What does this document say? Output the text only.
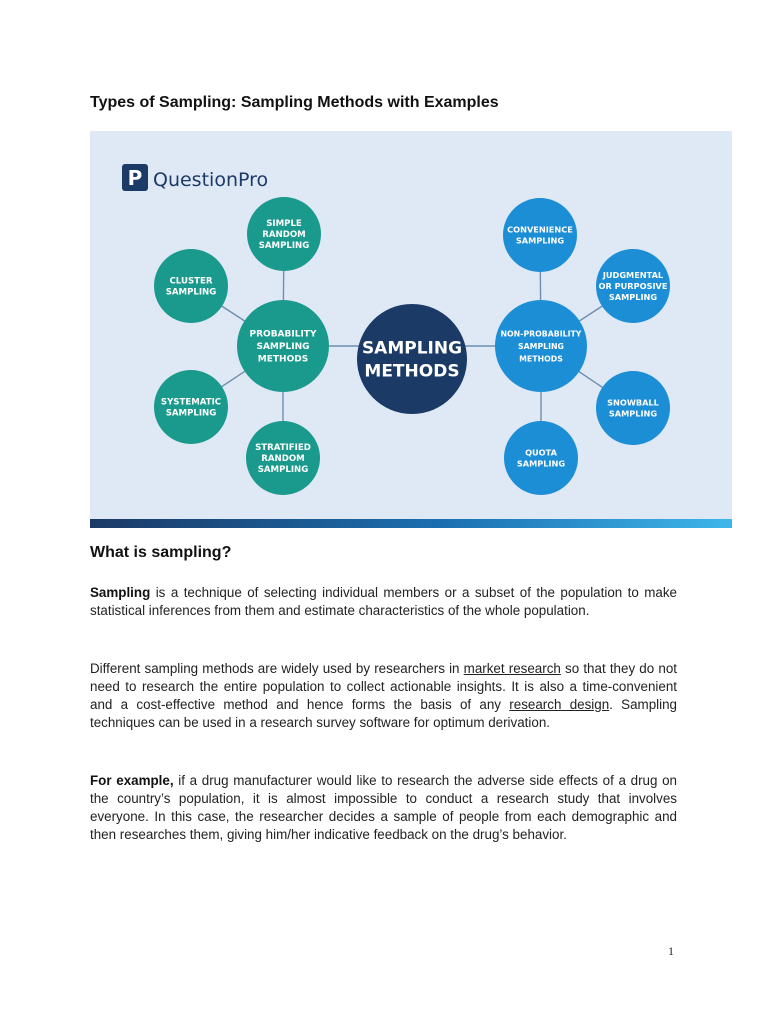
Types of Sampling: Sampling Methods with Examples
P QuestionPro
SIMPLE
RANDOM
SAMPLING
CLUSTER
SAMPLING
SYSTEMATIC
SAMPLING
STRATIFIED
RANDOM
SAMPLING
CONVENIENCE
SAMPLING
JUDGMENTAL
OR PURPOSIVE
SAMPLING
SNOWBALL
SAMPLING
QUOTA
SAMPLING
PROBABILITY
SAMPLING
METHODS
NON-PROBABILITY
SAMPLING
METHODS
SAMPLING
METHODS
What is sampling?

Sampling is a technique of selecting individual members or a subset of the population to make statistical inferences from them and estimate characteristics of the whole population.

Different sampling methods are widely used by researchers in market research so that they do not need to research the entire population to collect actionable insights. It is also a time-convenient and a cost-effective method and hence forms the basis of any research design. Sampling techniques can be used in a research survey software for optimum derivation.

For example, if a drug manufacturer would like to research the adverse side effects of a drug on the country’s population, it is almost impossible to conduct a research study that involves everyone. In this case, the researcher decides a sample of people from each demographic and then researches them, giving him/her indicative feedback on the drug’s behavior.

1
